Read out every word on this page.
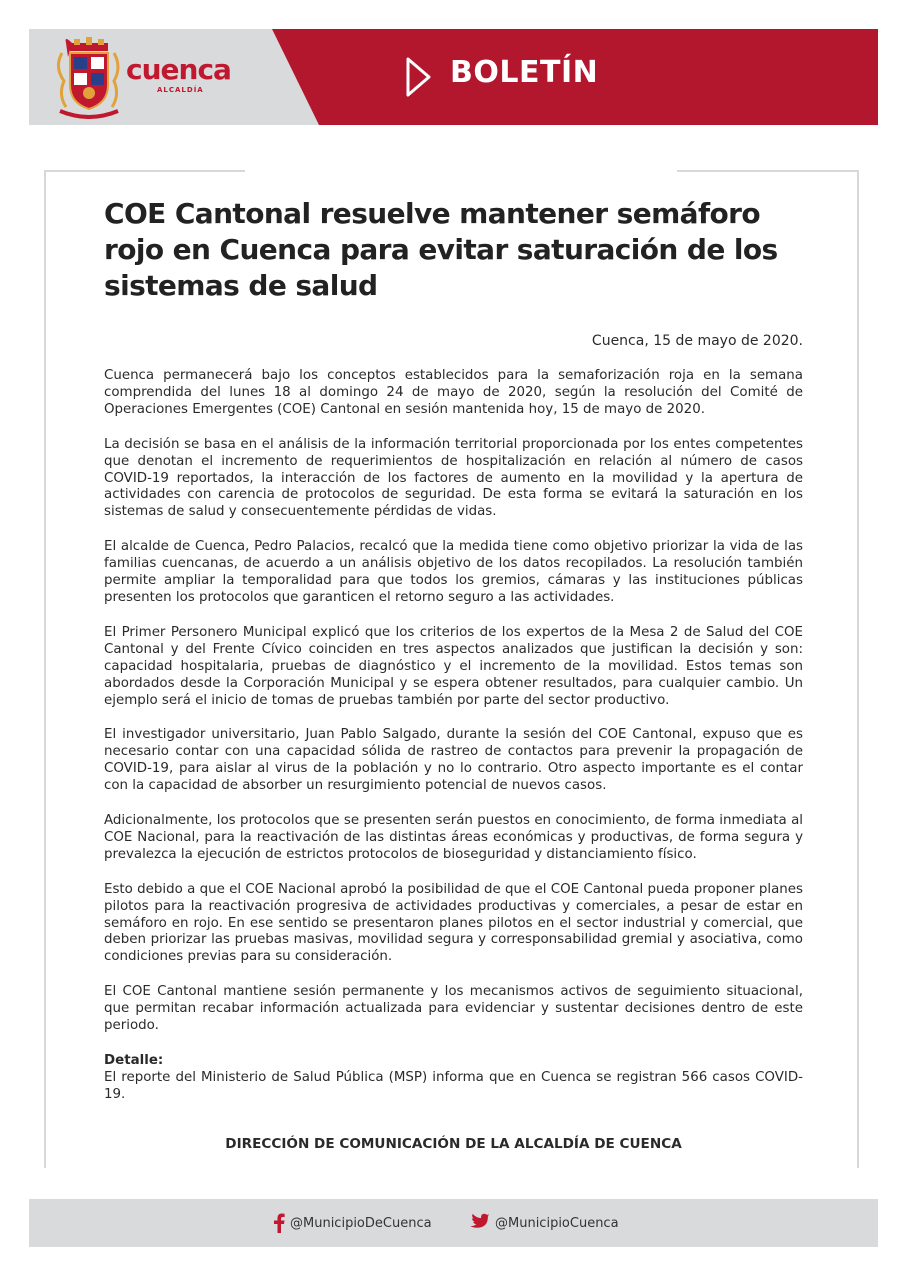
cuenca
ALCALDÍA	BOLETÍN
COE Cantonal resuelve mantener semáforo rojo en Cuenca para evitar saturación de los sistemas de salud

Cuenca, 15 de mayo de 2020.

Cuenca permanecerá bajo los conceptos establecidos para la semaforización roja en la semana comprendida del lunes 18 al domingo 24 de mayo de 2020, según la resolución del Comité de Operaciones Emergentes (COE) Cantonal en sesión mantenida hoy, 15 de mayo de 2020.

La decisión se basa en el análisis de la información territorial proporcionada por los entes competentes que denotan el incremento de requerimientos de hospitalización en relación al número de casos COVID-19 reportados, la interacción de los factores de aumento en la movilidad y la apertura de actividades con carencia de protocolos de seguridad. De esta forma se evitará la saturación en los sistemas de salud y consecuentemente pérdidas de vidas.

El alcalde de Cuenca, Pedro Palacios, recalcó que la medida tiene como objetivo priorizar la vida de las familias cuencanas, de acuerdo a un análisis objetivo de los datos recopilados. La resolución también permite ampliar la temporalidad para que todos los gremios, cámaras y las instituciones públicas presenten los protocolos que garanticen el retorno seguro a las actividades.

El Primer Personero Municipal explicó que los criterios de los expertos de la Mesa 2 de Salud del COE Cantonal y del Frente Cívico coinciden en tres aspectos analizados que justifican la decisión y son: capacidad hospitalaria, pruebas de diagnóstico y el incremento de la movilidad. Estos temas son abordados desde la Corporación Municipal y se espera obtener resultados, para cualquier cambio. Un ejemplo será el inicio de tomas de pruebas también por parte del sector productivo.

El investigador universitario, Juan Pablo Salgado, durante la sesión del COE Cantonal, expuso que es necesario contar con una capacidad sólida de rastreo de contactos para prevenir la propagación de COVID-19, para aislar al virus de la población y no lo contrario. Otro aspecto importante es el contar con la capacidad de absorber un resurgimiento potencial de nuevos casos.

Adicionalmente, los protocolos que se presenten serán puestos en conocimiento, de forma inmediata al COE Nacional, para la reactivación de las distintas áreas económicas y productivas, de forma segura y prevalezca la ejecución de estrictos protocolos de bioseguridad y distanciamiento físico.

Esto debido a que el COE Nacional aprobó la posibilidad de que el COE Cantonal pueda proponer planes pilotos para la reactivación progresiva de actividades productivas y comerciales, a pesar de estar en semáforo en rojo. En ese sentido se presentaron planes pilotos en el sector industrial y comercial, que deben priorizar las pruebas masivas, movilidad segura y corresponsabilidad gremial y asociativa, como condiciones previas para su consideración.

El COE Cantonal mantiene sesión permanente y los mecanismos activos de seguimiento situacional, que permitan recabar información actualizada para evidenciar y sustentar decisiones dentro de este periodo.

Detalle:
El reporte del Ministerio de Salud Pública (MSP) informa que en Cuenca se registran 566 casos COVID-19.

DIRECCIÓN DE COMUNICACIÓN DE LA ALCALDÍA DE CUENCA

@MunicipioDeCuenca	@MunicipioCuenca
